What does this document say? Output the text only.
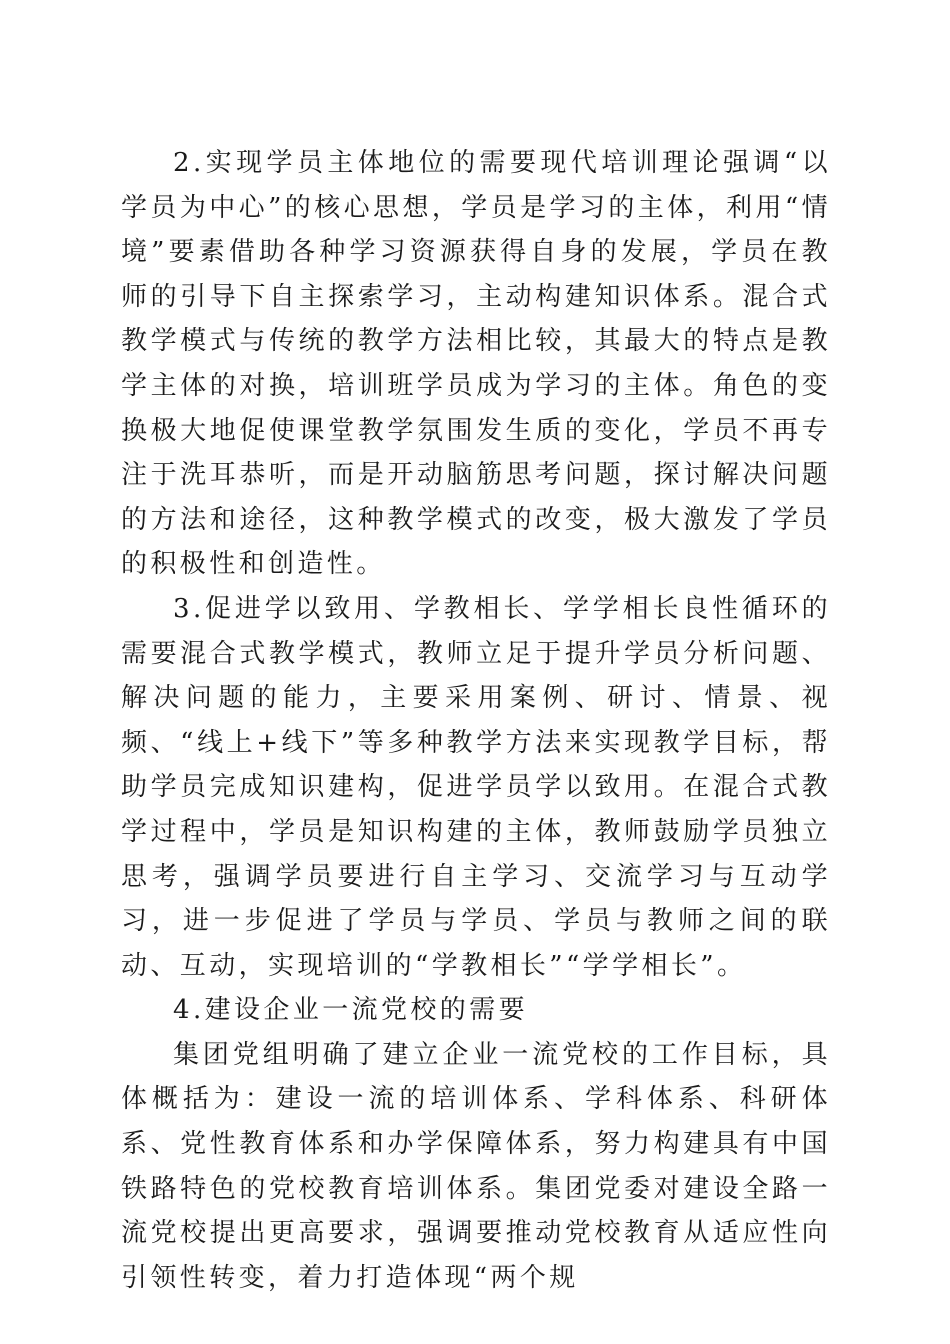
2.实现学员主体地位的需要现代培训理论强调“以学员为中心”的核心思想，学员是学习的主体，利用“情境”要素借助各种学习资源获得自身的发展，学员在教师的引导下自主探索学习，主动构建知识体系。混合式教学模式与传统的教学方法相比较，其最大的特点是教学主体的对换，培训班学员成为学习的主体。角色的变换极大地促使课堂教学氛围发生质的变化，学员不再专注于洗耳恭听，而是开动脑筋思考问题，探讨解决问题的方法和途径，这种教学模式的改变，极大激发了学员的积极性和创造性。

3.促进学以致用、学教相长、学学相长良性循环的需要混合式教学模式，教师立足于提升学员分析问题、解决问题的能力，主要采用案例、研讨、情景、视频、“线上+线下”等多种教学方法来实现教学目标，帮助学员完成知识建构，促进学员学以致用。在混合式教学过程中，学员是知识构建的主体，教师鼓励学员独立思考，强调学员要进行自主学习、交流学习与互动学习，进一步促进了学员与学员、学员与教师之间的联动、互动，实现培训的“学教相长”“学学相长”。

4.建设企业一流党校的需要

集团党组明确了建立企业一流党校的工作目标，具体概括为：建设一流的培训体系、学科体系、科研体系、党性教育体系和办学保障体系，努力构建具有中国铁路特色的党校教育培训体系。集团党委对建设全路一流党校提出更高要求，强调要推动党校教育从适应性向引领性转变，着力打造体现“两个规
